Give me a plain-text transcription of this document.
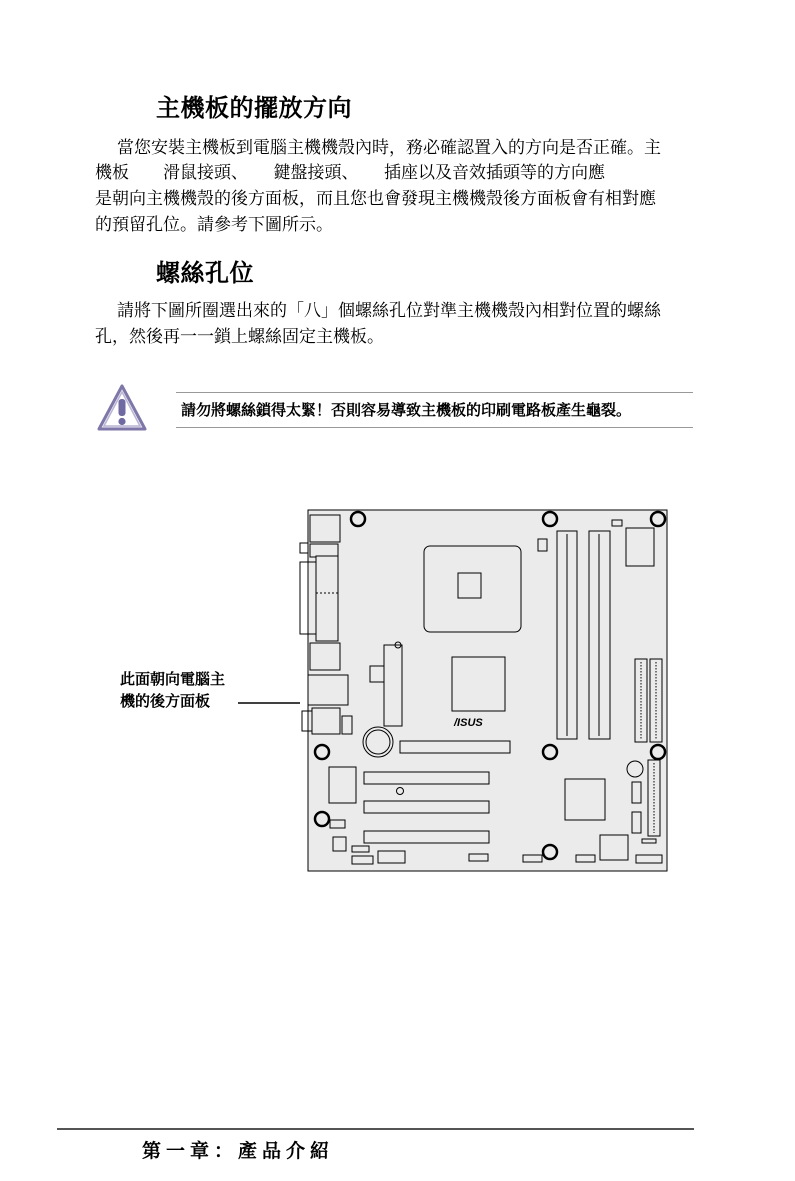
主機板的擺放方向
當您安裝主機板到電腦主機機殼內時，務必確認置入的方向是否正確。主
機板　　滑鼠接頭、　　鍵盤接頭、　　插座以及音效插頭等的方向應
是朝向主機機殼的後方面板，而且您也會發現主機機殼後方面板會有相對應
的預留孔位。請參考下圖所示。
螺絲孔位
請將下圖所圈選出來的「八」個螺絲孔位對準主機機殼內相對位置的螺絲
孔，然後再一一鎖上螺絲固定主機板。
請勿將螺絲鎖得太緊！否則容易導致主機板的印刷電路板產生龜裂。
此面朝向電腦主
機的後方面板
/ISUS
第一章：產品介紹
